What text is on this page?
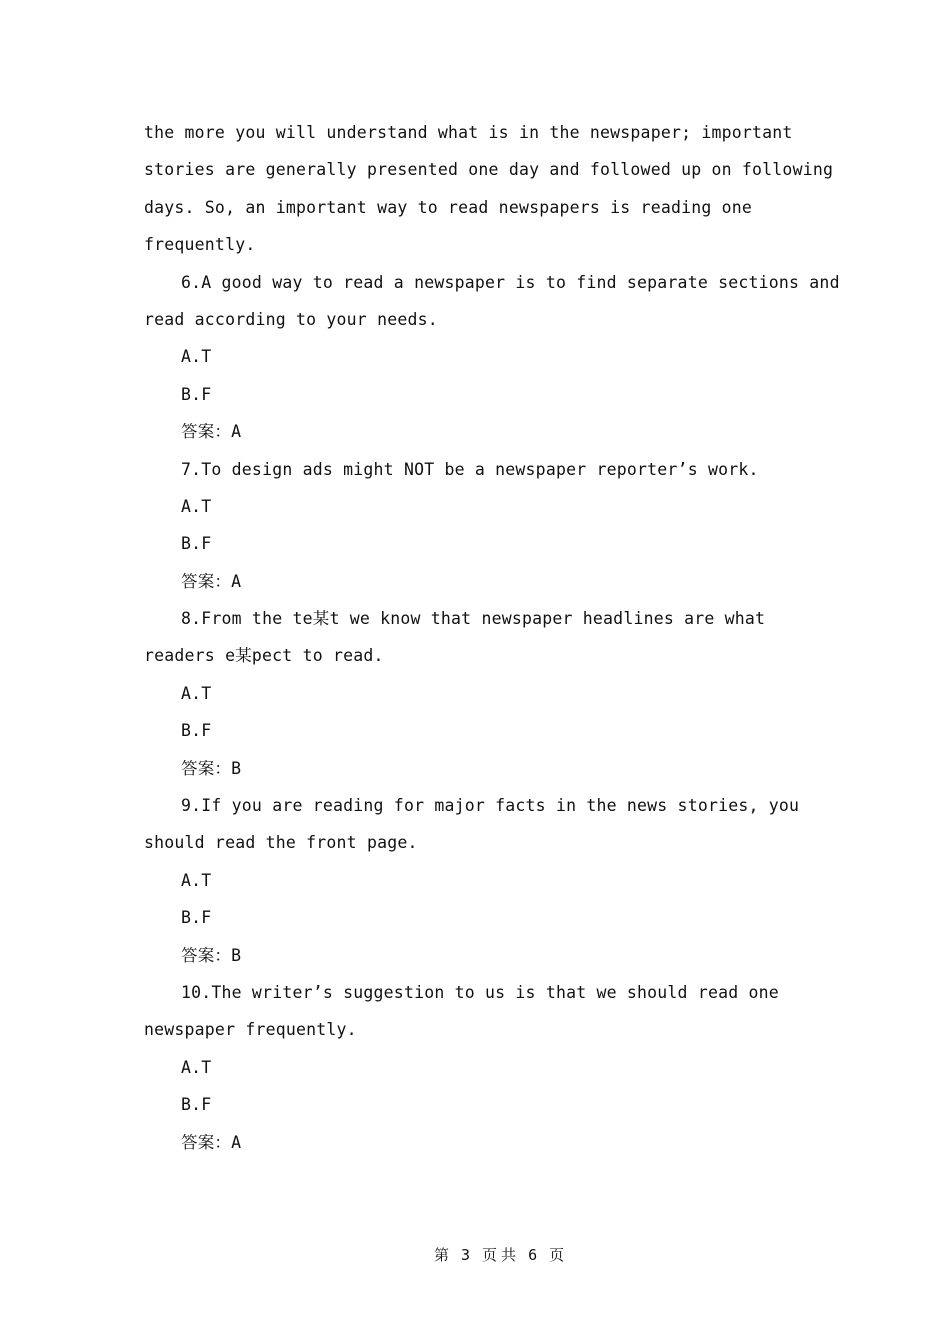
the more you will understand what is in the newspaper; important
stories are generally presented one day and followed up on following
days. So, an important way to read newspapers is reading one
frequently.
6.A good way to read a newspaper is to find separate sections and
read according to your needs.
A.T
B.F
答案：A
7.To design ads might NOT be a newspaper reporter’s work.
A.T
B.F
答案：A
8.From the te某t we know that newspaper headlines are what
readers e某pect to read.
A.T
B.F
答案：B
9.If you are reading for major facts in the news stories, you
should read the front page.
A.T
B.F
答案：B
10.The writer’s suggestion to us is that we should read one
newspaper frequently.
A.T
B.F
答案：A

第 3 页共 6 页
